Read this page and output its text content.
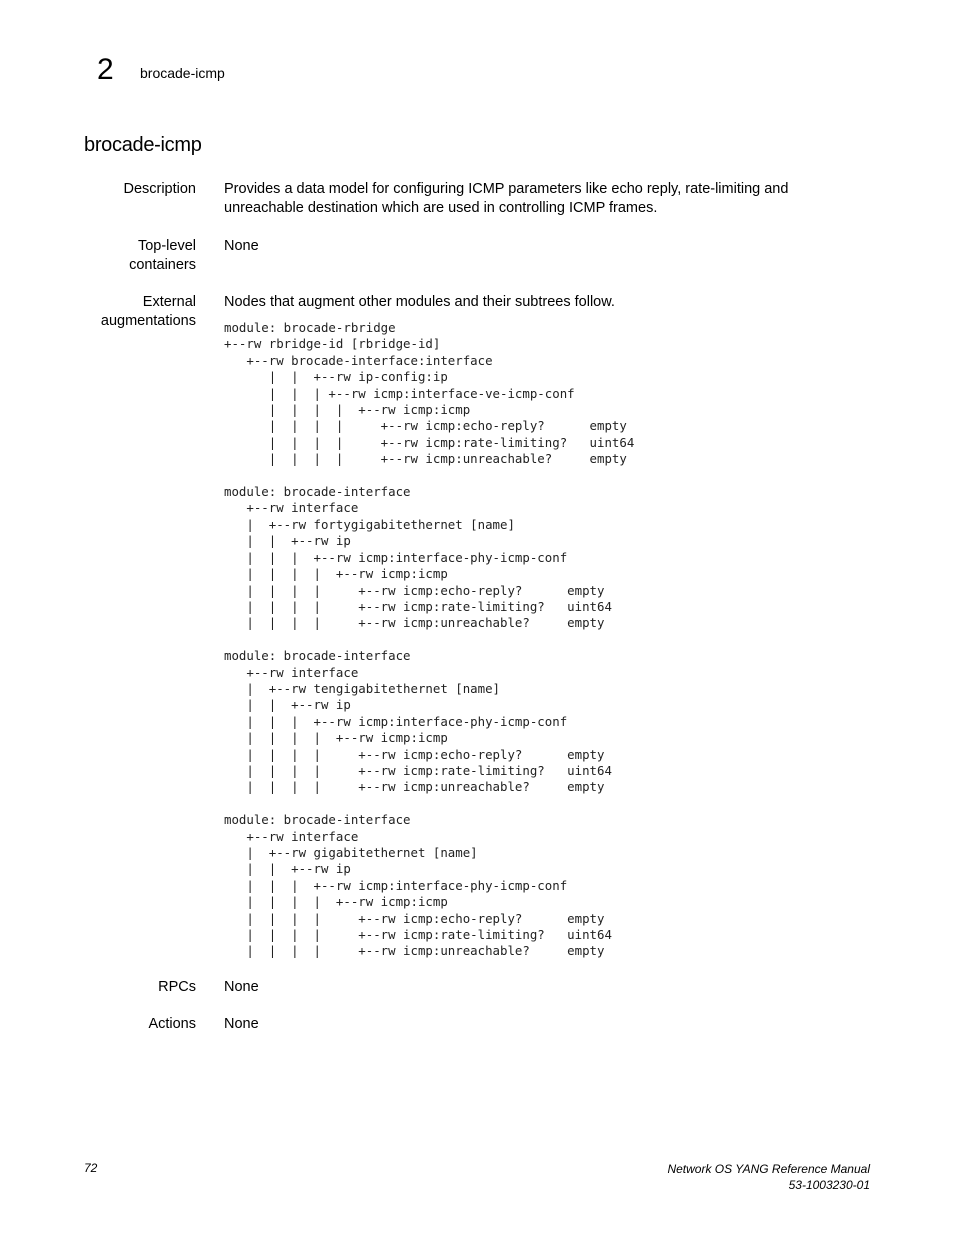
2 brocade-icmp
brocade-icmp
Description Provides a data model for configuring ICMP parameters like echo reply, rate-limiting and unreachable destination which are used in controlling ICMP frames.
Top-level
containers
None
External
augmentations
Nodes that augment other modules and their subtrees follow.
module: brocade-rbridge
+--rw rbridge-id [rbridge-id]
+--rw brocade-interface:interface
|  |  +--rw ip-config:ip
|  |  | +--rw icmp:interface-ve-icmp-conf
|  |  |  |  +--rw icmp:icmp
|  |  |  |     +--rw icmp:echo-reply?      empty
|  |  |  |     +--rw icmp:rate-limiting?   uint64
|  |  |  |     +--rw icmp:unreachable?     empty

module: brocade-interface
+--rw interface
|  +--rw fortygigabitethernet [name]
|  |  +--rw ip
|  |  |  +--rw icmp:interface-phy-icmp-conf
|  |  |  |  +--rw icmp:icmp
|  |  |  |     +--rw icmp:echo-reply?      empty
|  |  |  |     +--rw icmp:rate-limiting?   uint64
|  |  |  |     +--rw icmp:unreachable?     empty

module: brocade-interface
+--rw interface
|  +--rw tengigabitethernet [name]
|  |  +--rw ip
|  |  |  +--rw icmp:interface-phy-icmp-conf
|  |  |  |  +--rw icmp:icmp
|  |  |  |     +--rw icmp:echo-reply?      empty
|  |  |  |     +--rw icmp:rate-limiting?   uint64
|  |  |  |     +--rw icmp:unreachable?     empty

module: brocade-interface
+--rw interface
|  +--rw gigabitethernet [name]
|  |  +--rw ip
|  |  |  +--rw icmp:interface-phy-icmp-conf
|  |  |  |  +--rw icmp:icmp
|  |  |  |     +--rw icmp:echo-reply?      empty
|  |  |  |     +--rw icmp:rate-limiting?   uint64
|  |  |  |     +--rw icmp:unreachable?     empty
RPCs None
Actions None
72	Network OS YANG Reference Manual
53-1003230-01
